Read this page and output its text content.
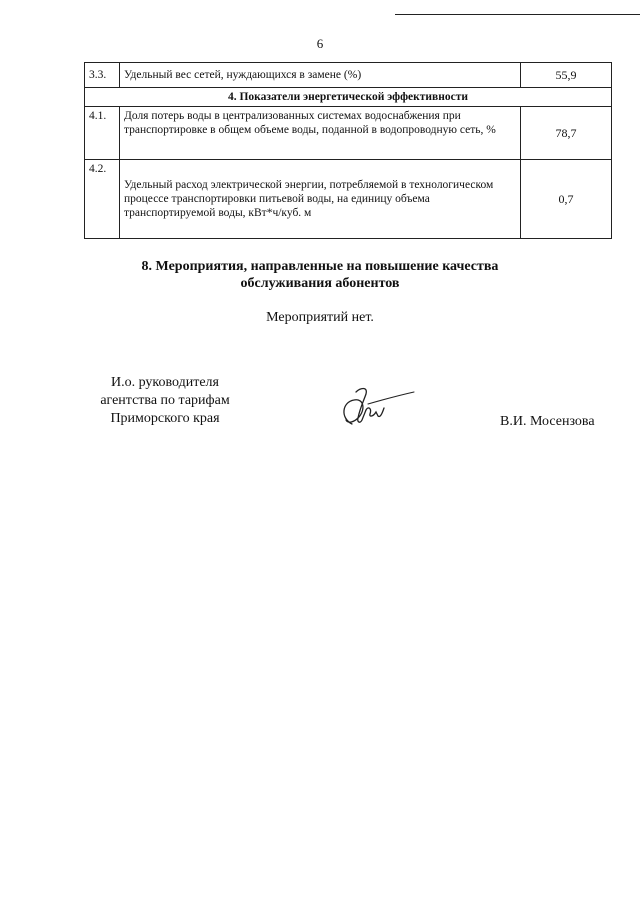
6
3.3.	Удельный вес сетей, нуждающихся в замене (%)	55,9
4. Показатели энергетической эффективности		
4.1.	Доля потерь воды в централизованных системах водоснабжения при транспортировке в общем объеме воды, поданной в водопроводную сеть, %	78,7
4.2.	Удельный расход электрической энергии, потребляемой в технологическом процессе транспортировки питьевой воды, на единицу объема транспортируемой воды, кВт*ч/куб. м	0,7
8. Мероприятия, направленные на повышение качества
обслуживания абонентов
Мероприятий нет.
И.о. руководителя
агентства по тарифам
Приморского края	В.И. Мосензова
